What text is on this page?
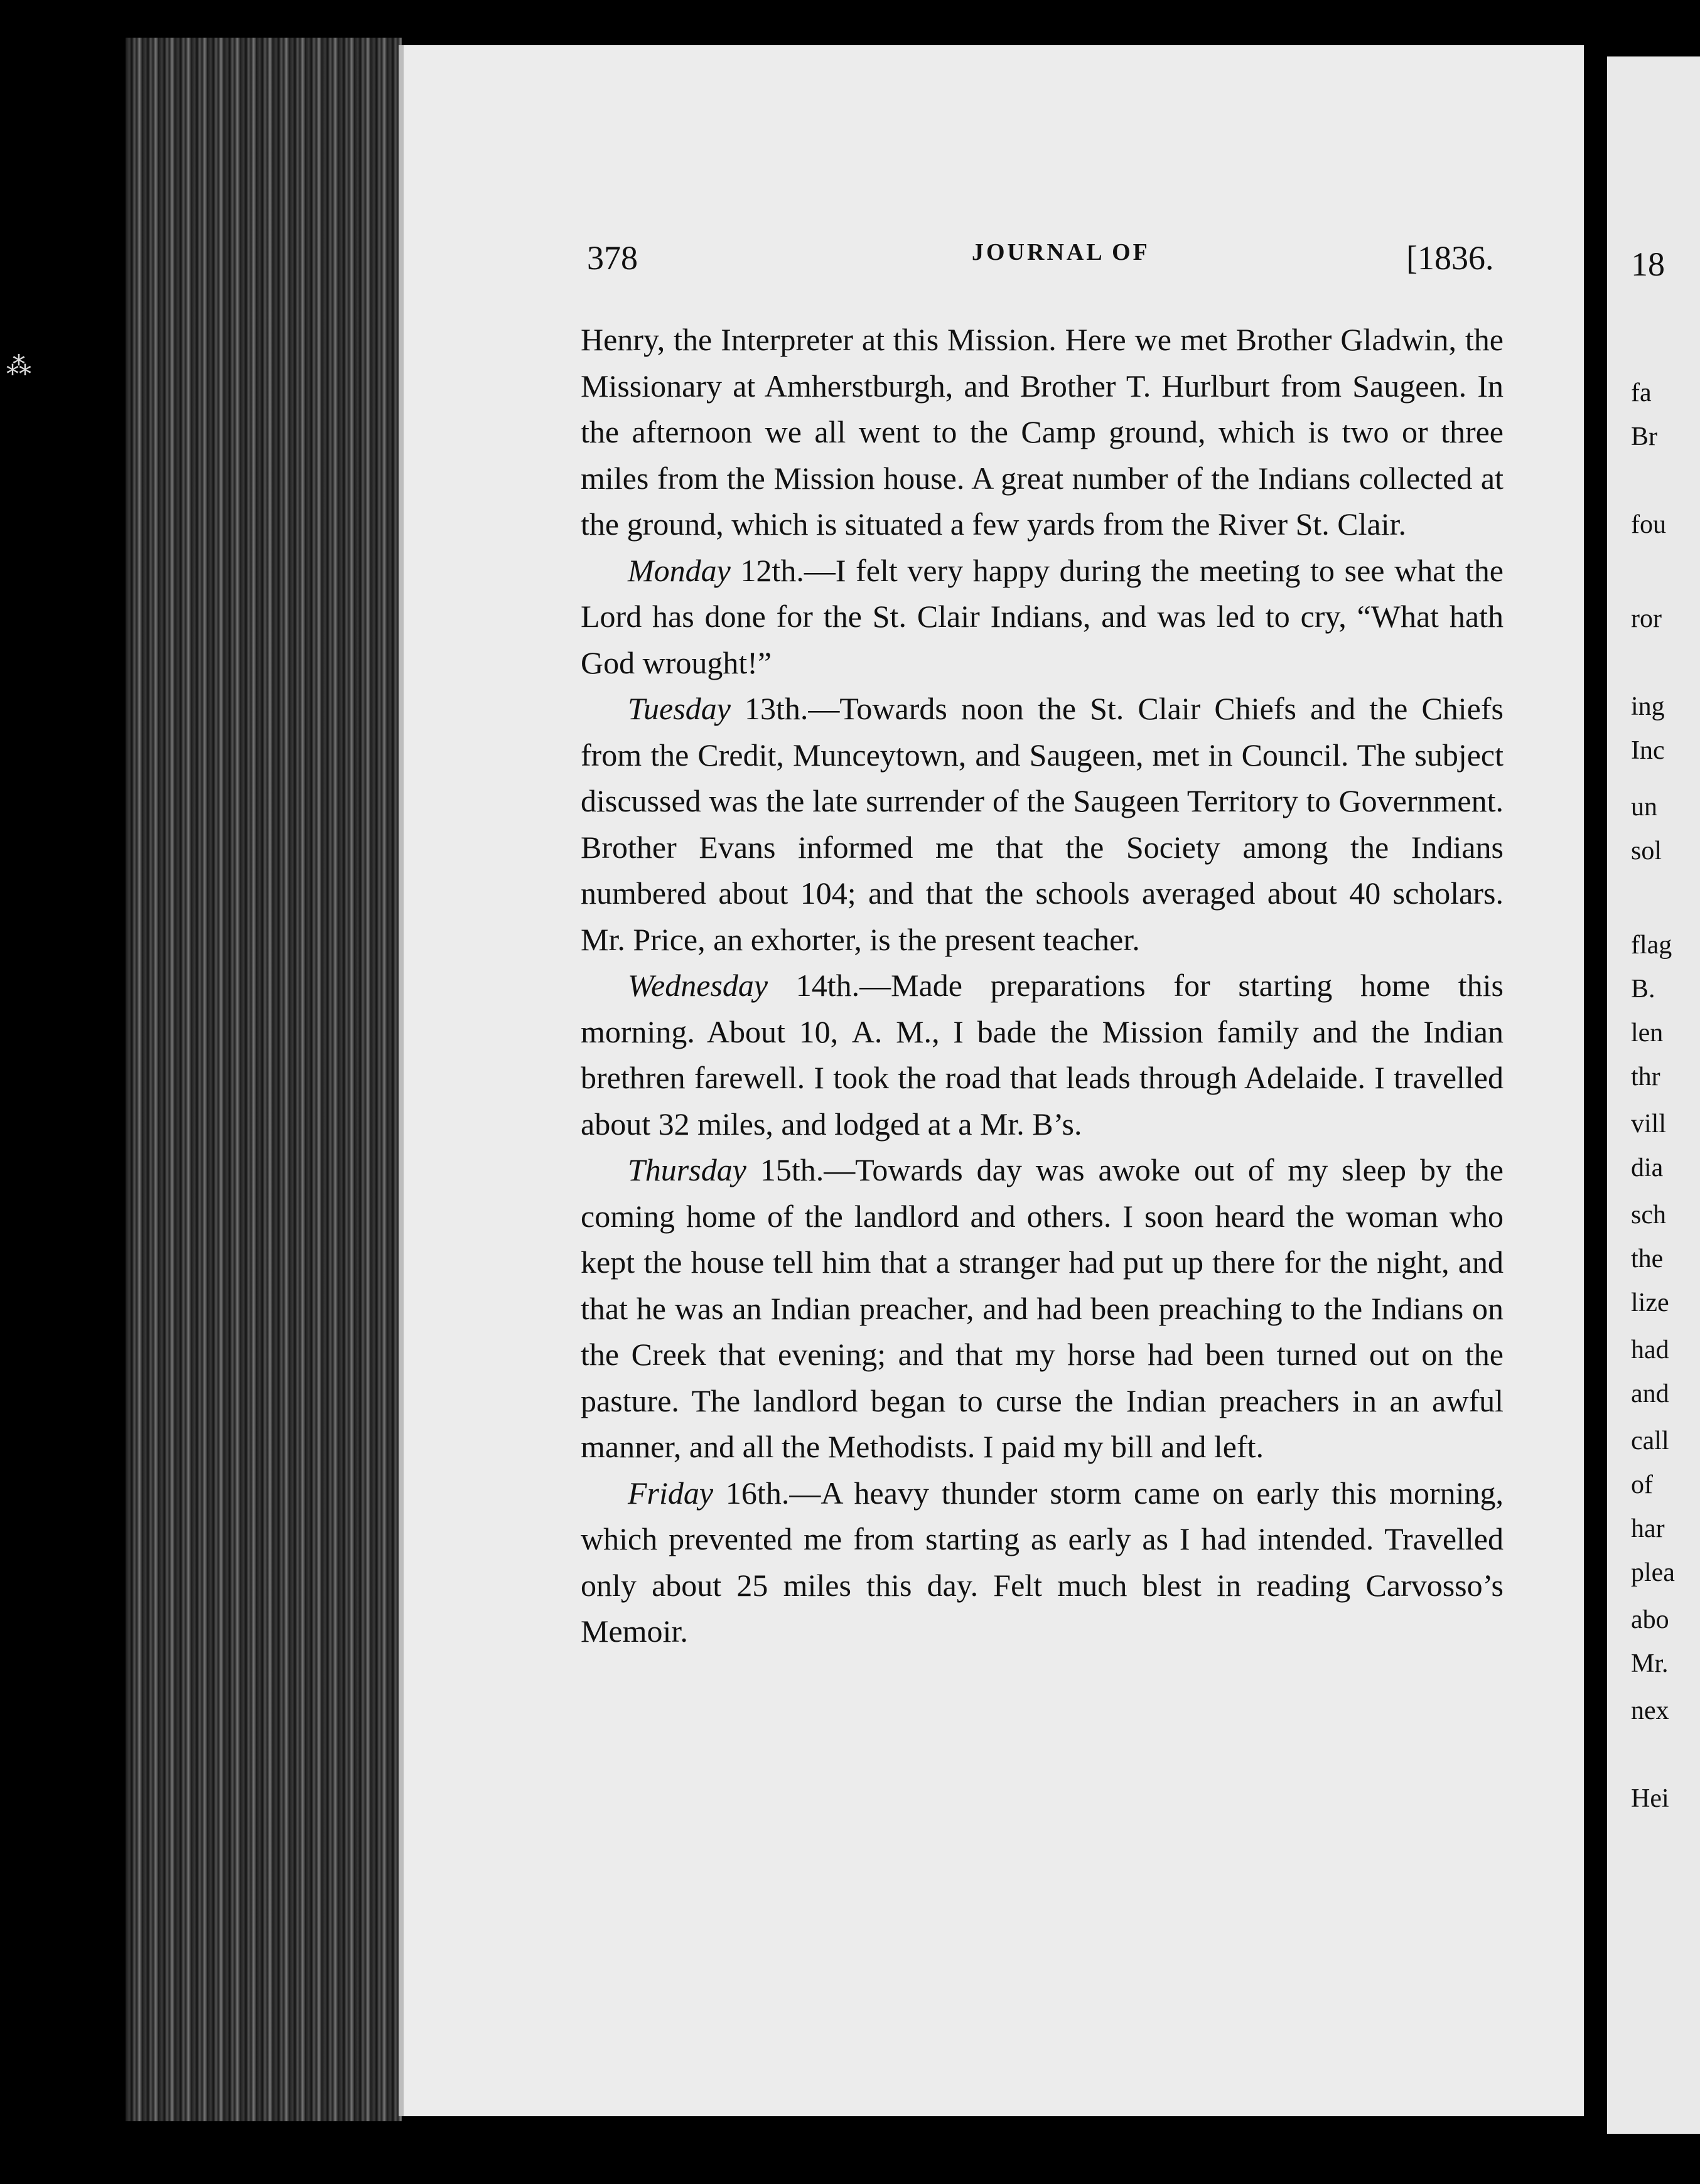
378	JOURNAL OF	[1836.

Henry, the Interpreter at this Mission. Here we met Brother Gladwin, the Missionary at Amherstburgh, and Brother T. Hurlburt from Saugeen. In the afternoon we all went to the Camp ground, which is two or three miles from the Mission house. A great number of the Indians collected at the ground, which is situated a few yards from the River St. Clair.

Monday 12th.—I felt very happy during the meeting to see what the Lord has done for the St. Clair Indians, and was led to cry, “What hath God wrought!”

Tuesday 13th.—Towards noon the St. Clair Chiefs and the Chiefs from the Credit, Munceytown, and Saugeen, met in Council. The subject discussed was the late surrender of the Saugeen Territory to Government. Brother Evans informed me that the Society among the Indians numbered about 104; and that the schools averaged about 40 scholars. Mr. Price, an exhorter, is the present teacher.

Wednesday 14th.—Made preparations for starting home this morning. About 10, A. M., I bade the Mission family and the Indian brethren farewell. I took the road that leads through Adelaide. I travelled about 32 miles, and lodged at a Mr. B’s.

Thursday 15th.—Towards day was awoke out of my sleep by the coming home of the landlord and others. I soon heard the woman who kept the house tell him that a stranger had put up there for the night, and that he was an Indian preacher, and had been preaching to the Indians on the Creek that evening; and that my horse had been turned out on the pasture. The landlord began to curse the Indian preachers in an awful manner, and all the Methodists. I paid my bill and left.

Friday 16th.—A heavy thunder storm came on early this morning, which prevented me from starting as early as I had intended. Travelled only about 25 miles this day. Felt much blest in reading Carvosso’s Memoir.

18
fa
Br
fou
ror
ing
Inc
un
sol
flag
B.
len
thr
vill
dia
sch
the
lize
had
and
call
of
har
plea
abo
Mr.
nex
Hei
⁂
